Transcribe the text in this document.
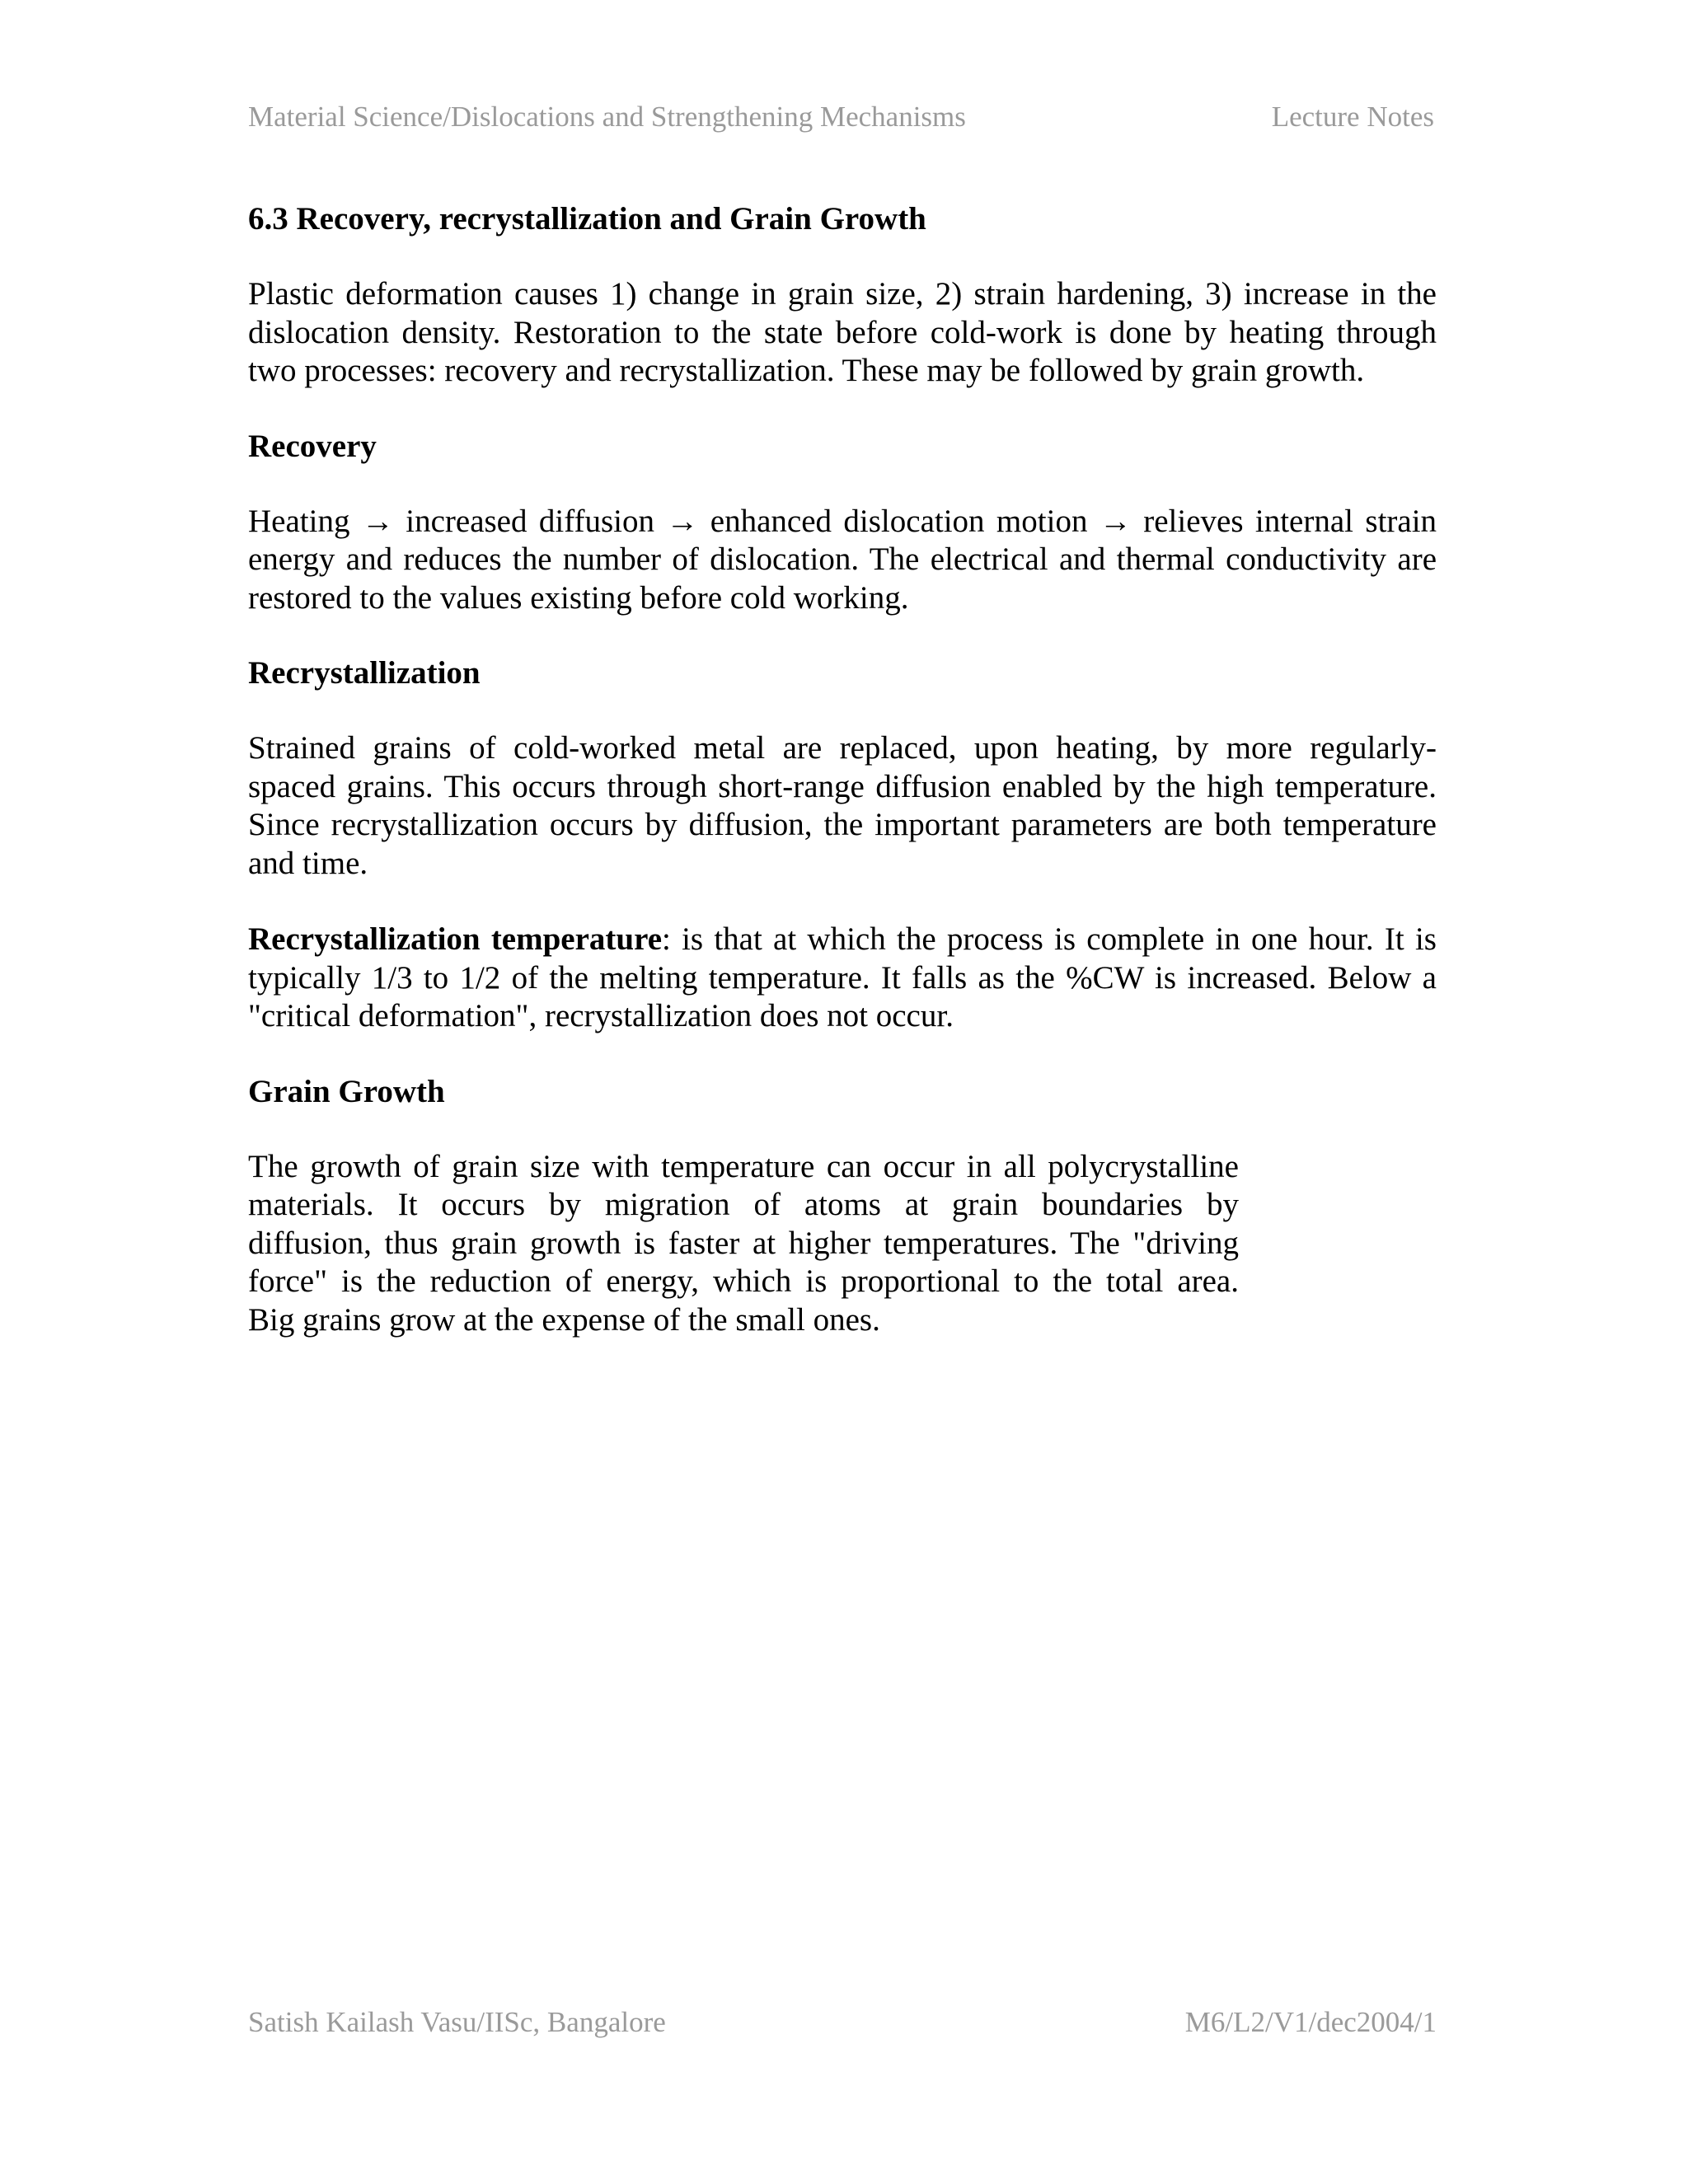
Material Science/Dislocations and Strengthening Mechanisms	Lecture Notes
6.3 Recovery, recrystallization and Grain Growth

Plastic deformation causes 1) change in grain size, 2) strain hardening, 3) increase in the

dislocation density. Restoration to the state before cold-work is done by heating through

two processes: recovery and recrystallization. These may be followed by grain growth.

Recovery

Heating → increased diffusion → enhanced dislocation motion → relieves internal strain

energy and reduces the number of dislocation. The electrical and thermal conductivity are

restored to the values existing before cold working.

Recrystallization

Strained grains of cold-worked metal are replaced, upon heating, by more regularly-

spaced grains. This occurs through short-range diffusion enabled by the high temperature.

Since recrystallization occurs by diffusion, the important parameters are both temperature

and time.

Recrystallization temperature: is that at which the process is complete in one hour. It is

typically 1/3 to 1/2 of the melting temperature. It falls as the %CW is increased. Below a

"critical deformation", recrystallization does not occur.

Grain Growth

The growth of grain size with temperature can occur in all polycrystalline

materials. It occurs by migration of atoms at grain boundaries by

diffusion, thus grain growth is faster at higher temperatures. The "driving

force" is the reduction of energy, which is proportional to the total area.

Big grains grow at the expense of the small ones.

Satish Kailash Vasu/IISc, Bangalore	M6/L2/V1/dec2004/1
